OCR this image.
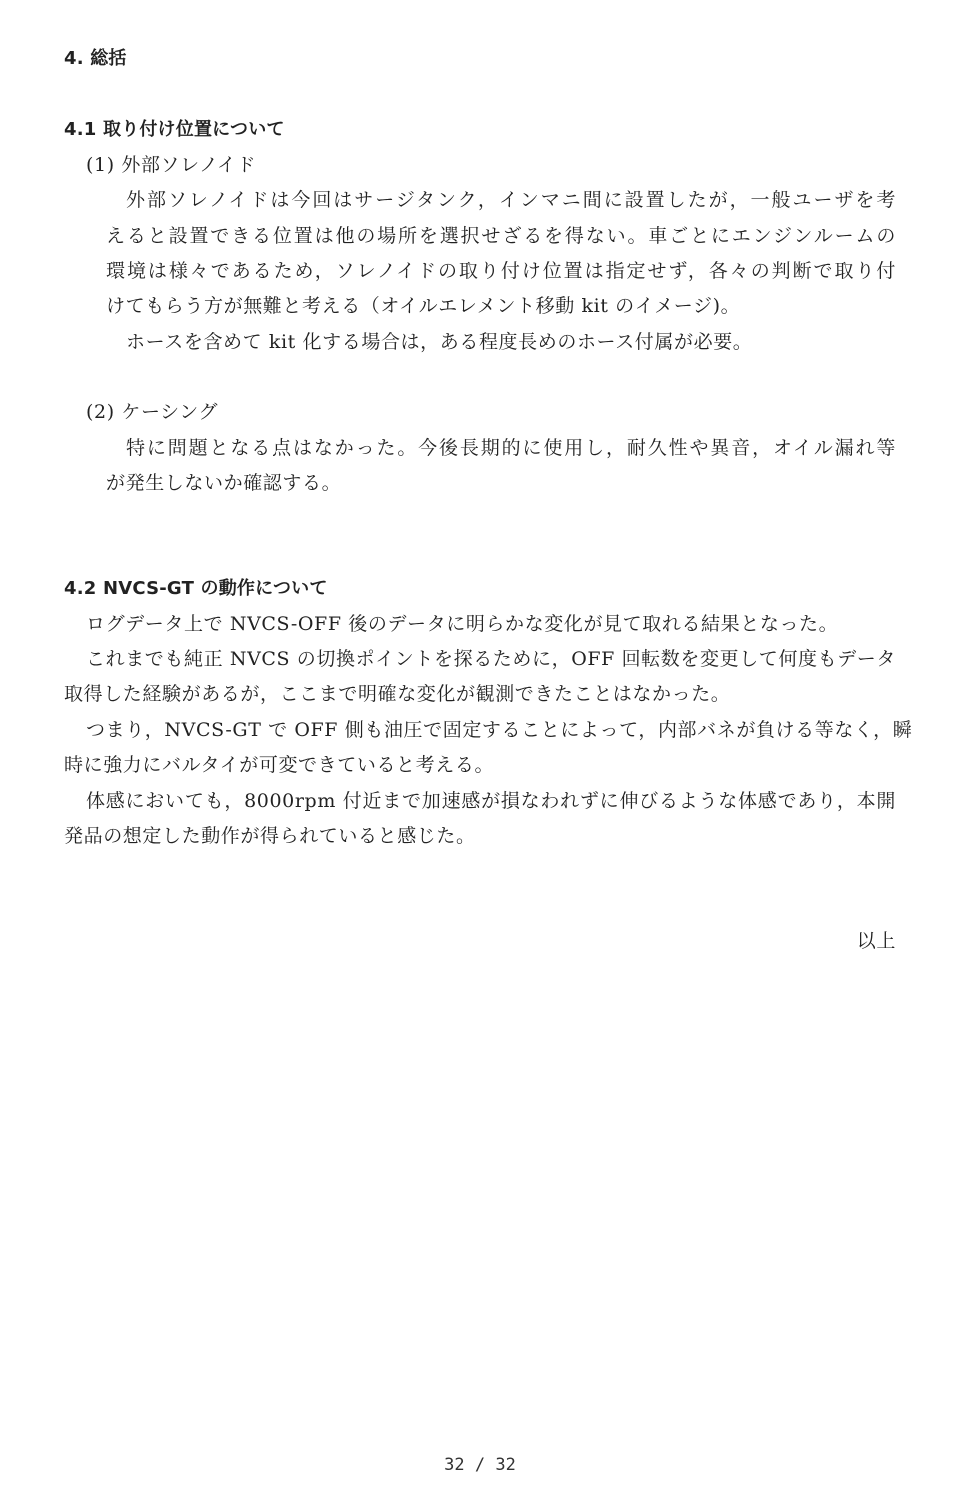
4. 総括
4.1 取り付け位置について
(1) 外部ソレノイド
外部ソレノイドは今回はサージタンク，インマニ間に設置したが，一般ユーザを考
えると設置できる位置は他の場所を選択せざるを得ない。車ごとにエンジンルームの
環境は様々であるため，ソレノイドの取り付け位置は指定せず，各々の判断で取り付
けてもらう方が無難と考える（オイルエレメント移動 kit のイメージ)。
ホースを含めて kit 化する場合は，ある程度長めのホース付属が必要。
(2) ケーシング
特に問題となる点はなかった。今後長期的に使用し，耐久性や異音，オイル漏れ等
が発生しないか確認する。
4.2 NVCS-GT の動作について
ログデータ上で NVCS-OFF 後のデータに明らかな変化が見て取れる結果となった。
これまでも純正 NVCS の切換ポイントを探るために，OFF 回転数を変更して何度もデータ
取得した経験があるが，ここまで明確な変化が観測できたことはなかった。
つまり，NVCS-GT で OFF 側も油圧で固定することによって，内部バネが負ける等なく，瞬
時に強力にバルタイが可変できていると考える。
体感においても，8000rpm 付近まで加速感が損なわれずに伸びるような体感であり，本開
発品の想定した動作が得られていると感じた。
以上
32 / 32
